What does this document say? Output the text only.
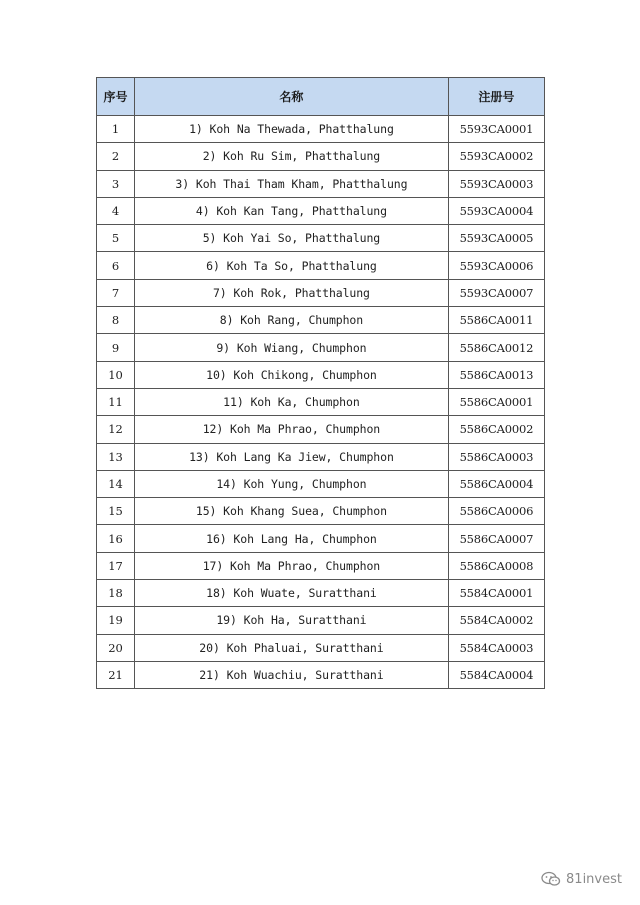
序号	名称	注册号
1	1) Koh Na Thewada, Phatthalung	5593CA0001
2	2) Koh Ru Sim, Phatthalung	5593CA0002
3	3) Koh Thai Tham Kham, Phatthalung	5593CA0003
4	4) Koh Kan Tang, Phatthalung	5593CA0004
5	5) Koh Yai So, Phatthalung	5593CA0005
6	6) Koh Ta So, Phatthalung	5593CA0006
7	7) Koh Rok, Phatthalung	5593CA0007
8	8) Koh Rang, Chumphon	5586CA0011
9	9) Koh Wiang, Chumphon	5586CA0012
10	10) Koh Chikong, Chumphon	5586CA0013
11	11) Koh Ka, Chumphon	5586CA0001
12	12) Koh Ma Phrao, Chumphon	5586CA0002
13	13) Koh Lang Ka Jiew, Chumphon	5586CA0003
14	14) Koh Yung, Chumphon	5586CA0004
15	15) Koh Khang Suea, Chumphon	5586CA0006
16	16) Koh Lang Ha, Chumphon	5586CA0007
17	17) Koh Ma Phrao, Chumphon	5586CA0008
18	18) Koh Wuate, Suratthani	5584CA0001
19	19) Koh Ha, Suratthani	5584CA0002
20	20) Koh Phaluai, Suratthani	5584CA0003
21	21) Koh Wuachiu, Suratthani	5584CA0004
81invest
